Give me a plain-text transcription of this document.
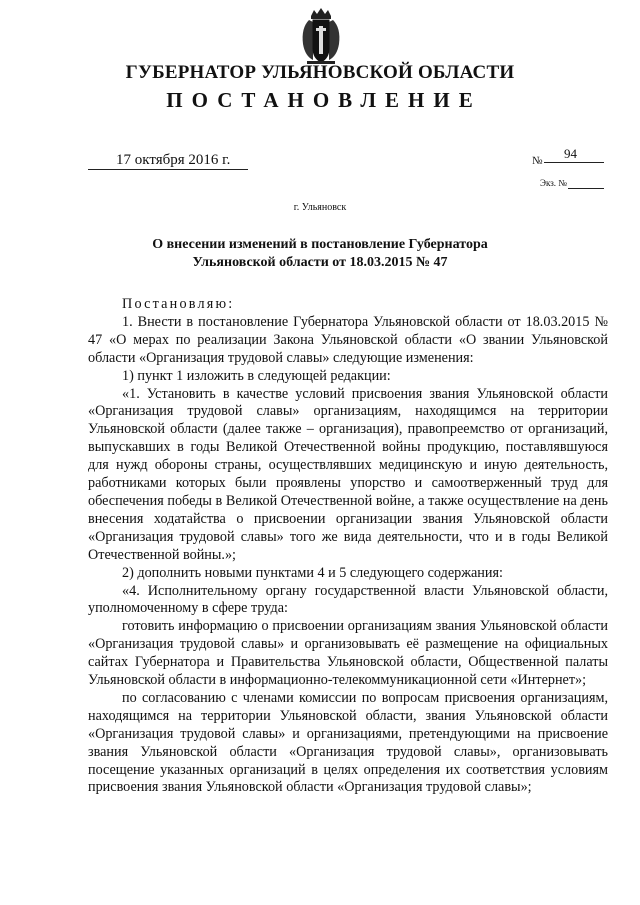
ГУБЕРНАТОР УЛЬЯНОВСКОЙ ОБЛАСТИ
ПОСТАНОВЛЕНИЕ
17 октября 2016 г.	№	94
Экз. №
г. Ульяновск
О внесении изменений в постановление Губернатора
Ульяновской области от 18.03.2015 № 47

Постановляю:

1. Внести в постановление Губернатора Ульяновской области от 18.03.2015 № 47 «О мерах по реализации Закона Ульяновской области «О звании Ульяновской области «Организация трудовой славы» следующие изменения:

1) пункт 1 изложить в следующей редакции:

«1. Установить в качестве условий присвоения звания Ульяновской области «Организация трудовой славы» организациям, находящимся на территории Ульяновской области (далее также – организация), правопреемство от организаций, выпускавших в годы Великой Отечественной войны продукцию, поставлявшуюся для нужд обороны страны, осуществлявших медицинскую и иную деятельность, работниками которых были проявлены упорство и самоотверженный труд для обеспечения победы в Великой Отечественной войне, а также осуществление на день внесения ходатайства о присвоении организации звания Ульяновской области «Организация трудовой славы» того же вида деятельности, что и в годы Великой Отечественной войны.»;

2) дополнить новыми пунктами 4 и 5 следующего содержания:

«4. Исполнительному органу государственной власти Ульяновской области, уполномоченному в сфере труда:

готовить информацию о присвоении организациям звания Ульяновской области «Организация трудовой славы» и организовывать её размещение на официальных сайтах Губернатора и Правительства Ульяновской области, Общественной палаты Ульяновской области в информационно-телекоммуникационной сети «Интернет»;

по согласованию с членами комиссии по вопросам присвоения организациям, находящимся на территории Ульяновской области, звания Ульяновской области «Организация трудовой славы» и организациями, претендующими на присвоение звания Ульяновской области «Организация трудовой славы», организовывать посещение указанных организаций в целях определения их соответствия условиям присвоения звания Ульяновской области «Организация трудовой славы»;
